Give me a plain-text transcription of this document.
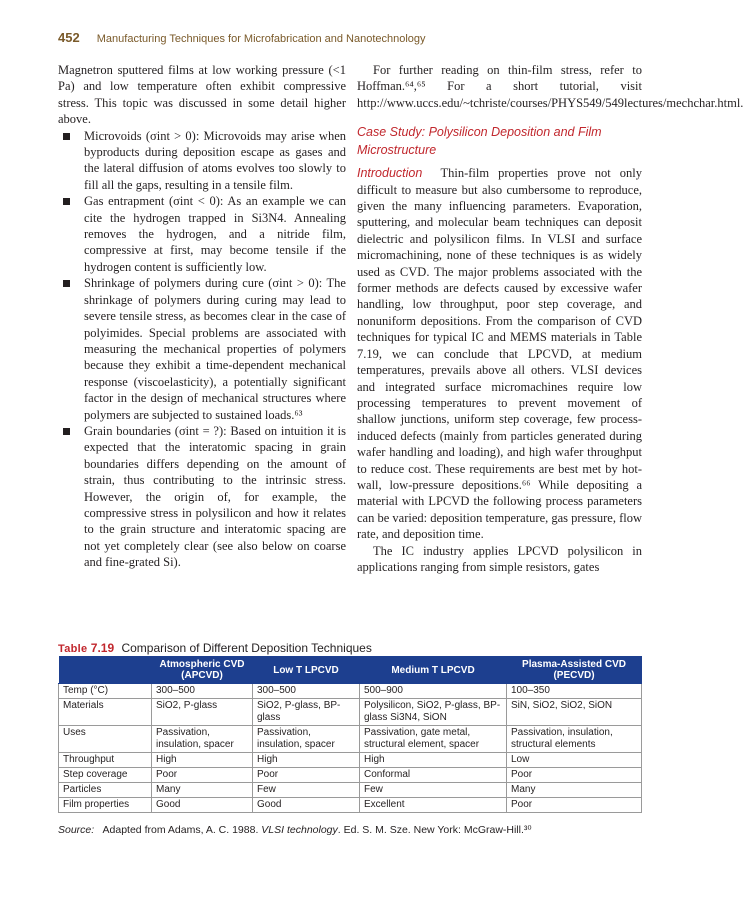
452 Manufacturing Techniques for Microfabrication and Nanotechnology

Magnetron sputtered films at low working pressure (<1 Pa) and low temperature often exhibit compressive stress. This topic was discussed in some detail higher above.

Microvoids (σint > 0): Microvoids may arise when byproducts during deposition escape as gases and the lateral diffusion of atoms evolves too slowly to fill all the gaps, resulting in a tensile film.
Gas entrapment (σint < 0): As an example we can cite the hydrogen trapped in Si3N4. Annealing removes the hydrogen, and a nitride film, compressive at first, may become tensile if the hydrogen content is sufficiently low.
Shrinkage of polymers during cure (σint > 0): The shrinkage of polymers during curing may lead to severe tensile stress, as becomes clear in the case of polyimides. Special problems are associated with measuring the mechanical properties of polymers because they exhibit a time-dependent mechanical response (viscoelasticity), a potentially significant factor in the design of mechanical structures where polymers are subjected to sustained loads.⁶³
Grain boundaries (σint = ?): Based on intuition it is expected that the interatomic spacing in grain boundaries differs depending on the amount of strain, thus contributing to the intrinsic stress. However, the origin of, for example, the compressive stress in polysilicon and how it relates to the grain structure and interatomic spacing are not yet completely clear (see also below on coarse and fine-grated Si).

For further reading on thin-film stress, refer to Hoffman.⁶⁴,⁶⁵ For a short tutorial, visit http://www.uccs.edu/~tchriste/courses/PHYS549/549lectures/mechchar.html.

Case Study: Polysilicon Deposition and Film Microstructure

Introduction Thin-film properties prove not only difficult to measure but also cumbersome to reproduce, given the many influencing parameters. Evaporation, sputtering, and molecular beam techniques can deposit dielectric and polysilicon films. In VLSI and surface micromachining, none of these techniques is as widely used as CVD. The major problems associated with the former methods are defects caused by excessive wafer handling, low throughput, poor step coverage, and nonuniform depositions. From the comparison of CVD techniques for typical IC and MEMS materials in Table 7.19, we can conclude that LPCVD, at medium temperatures, prevails above all others. VLSI devices and integrated surface micromachines require low processing temperatures to prevent movement of shallow junctions, uniform step coverage, few process-induced defects (mainly from particles generated during wafer handling and loading), and high wafer throughput to reduce cost. These requirements are best met by hot-wall, low-pressure depositions.⁶⁶ While depositing a material with LPCVD the following process parameters can be varied: deposition temperature, gas pressure, flow rate, and deposition time.

The IC industry applies LPCVD polysilicon in applications ranging from simple resistors, gates

Table 7.19 Comparison of Different Deposition Techniques
	Atmospheric CVD (APCVD)	Low T LPCVD	Medium T LPCVD	Plasma-Assisted CVD (PECVD)
Temp (°C)	300–500	300–500	500–900	100–350
Materials	SiO2, P-glass	SiO2, P-glass, BP-glass	Polysilicon, SiO2, P-glass, BP-glass Si3N4, SiON	SiN, SiO2, SiO2, SiON
Uses	Passivation, insulation, spacer	Passivation, insulation, spacer	Passivation, gate metal, structural element, spacer	Passivation, insulation, structural elements
Throughput	High	High	High	Low
Step coverage	Poor	Poor	Conformal	Poor
Particles	Many	Few	Few	Many
Film properties	Good	Good	Excellent	Poor
Source: Adapted from Adams, A. C. 1988. VLSI technology. Ed. S. M. Sze. New York: McGraw-Hill.³⁰
